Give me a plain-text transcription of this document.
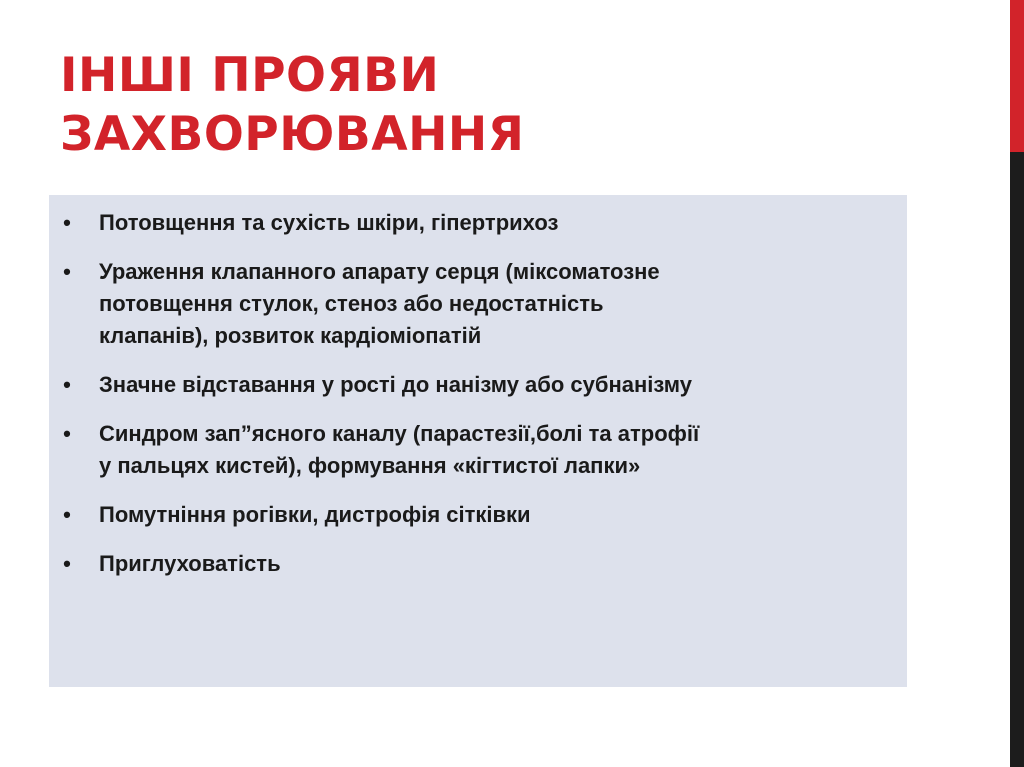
ІНШІ ПРОЯВИ
ЗАХВОРЮВАННЯ
• Потовщення та сухість шкіри, гіпертрихоз
• Ураження клапанного апарату серця (міксоматозне
потовщення стулок, стеноз або недостатність
клапанів), розвиток кардіоміопатій
• Значне відставання у рості до нанізму або субнанізму
• Синдром зап”ясного каналу (парастезії,болі та атрофії
у пальцях кистей), формування «кігтистої лапки»
• Помутніння рогівки, дистрофія сітківки
• Приглуховатість
